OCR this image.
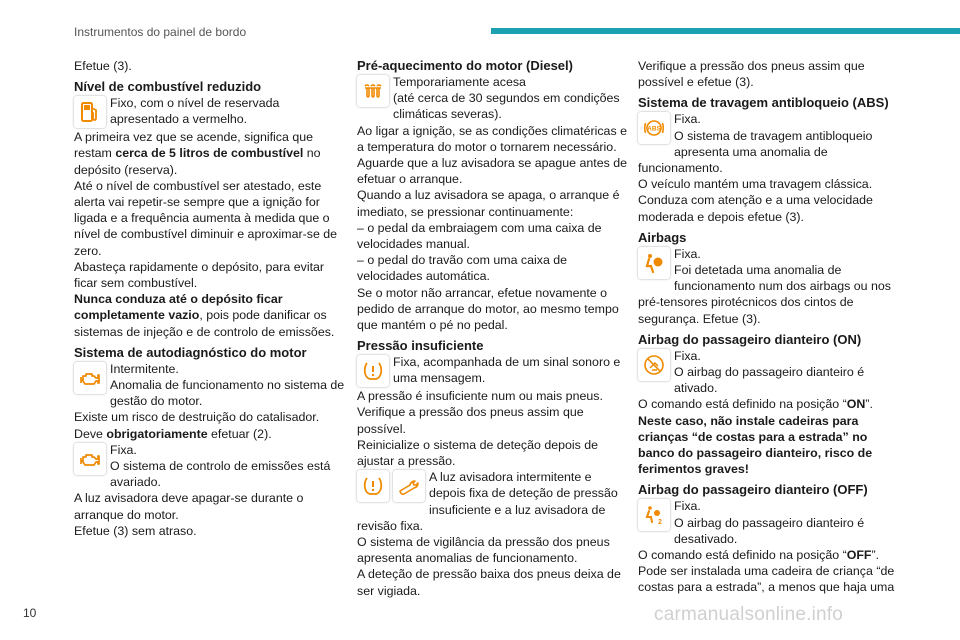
Instrumentos do painel de bordo

Efetue (3).

Nível de combustível reduzido

Fixo, com o nível de reservada apresentado a vermelho.

A primeira vez que se acende, significa que restam cerca de 5 litros de combustível no depósito (reserva).

Até o nível de combustível ser atestado, este alerta vai repetir-se sempre que a ignição for ligada e a frequência aumenta à medida que o nível de combustível diminuir e aproximar-se de zero.

Abasteça rapidamente o depósito, para evitar ficar sem combustível.

Nunca conduza até o depósito ficar completamente vazio, pois pode danificar os sistemas de injeção e de controlo de emissões.

Sistema de autodiagnóstico do motor

Intermitente.

Anomalia de funcionamento no sistema de gestão do motor.

Existe um risco de destruição do catalisador.

Deve obrigatoriamente efetuar (2).

Fixa.

O sistema de controlo de emissões está avariado.

A luz avisadora deve apagar-se durante o arranque do motor.

Efetue (3) sem atraso.

Pré-aquecimento do motor (Diesel)

Temporariamente acesa

(até cerca de 30 segundos em condições climáticas severas).

Ao ligar a ignição, se as condições climatéricas e a temperatura do motor o tornarem necessário. Aguarde que a luz avisadora se apague antes de efetuar o arranque.

Quando a luz avisadora se apaga, o arranque é imediato, se pressionar continuamente:

– o pedal da embraiagem com uma caixa de velocidades manual.

– o pedal do travão com uma caixa de velocidades automática.

Se o motor não arrancar, efetue novamente o pedido de arranque do motor, ao mesmo tempo que mantém o pé no pedal.

Pressão insuficiente

Fixa, acompanhada de um sinal sonoro e uma mensagem.

A pressão é insuficiente num ou mais pneus.

Verifique a pressão dos pneus assim que possível.

Reinicialize o sistema de deteção depois de ajustar a pressão.

A luz avisadora intermitente e depois fixa de deteção de pressão insuficiente e a luz avisadora de revisão fixa.

O sistema de vigilância da pressão dos pneus apresenta anomalias de funcionamento.

A deteção de pressão baixa dos pneus deixa de ser vigiada.

Verifique a pressão dos pneus assim que possível e efetue (3).

Sistema de travagem antibloqueio (ABS)
ABS

Fixa.

O sistema de travagem antibloqueio apresenta uma anomalia de funcionamento.

O veículo mantém uma travagem clássica.

Conduza com atenção e a uma velocidade moderada e depois efetue (3).

Airbags

Fixa.

Foi detetada uma anomalia de funcionamento num dos airbags ou nos pré-tensores pirotécnicos dos cintos de segurança. Efetue (3).

Airbag do passageiro dianteiro (ON)

Fixa.

O airbag do passageiro dianteiro é ativado.

O comando está definido na posição “ON”.

Neste caso, não instale cadeiras para crianças “de costas para a estrada” no banco do passageiro dianteiro, risco de ferimentos graves!

Airbag do passageiro dianteiro (OFF)
2

Fixa.

O airbag do passageiro dianteiro é desativado.

O comando está definido na posição “OFF”.

Pode ser instalada uma cadeira de criança “de costas para a estrada”, a menos que haja uma

10	carmanualsonline.info
